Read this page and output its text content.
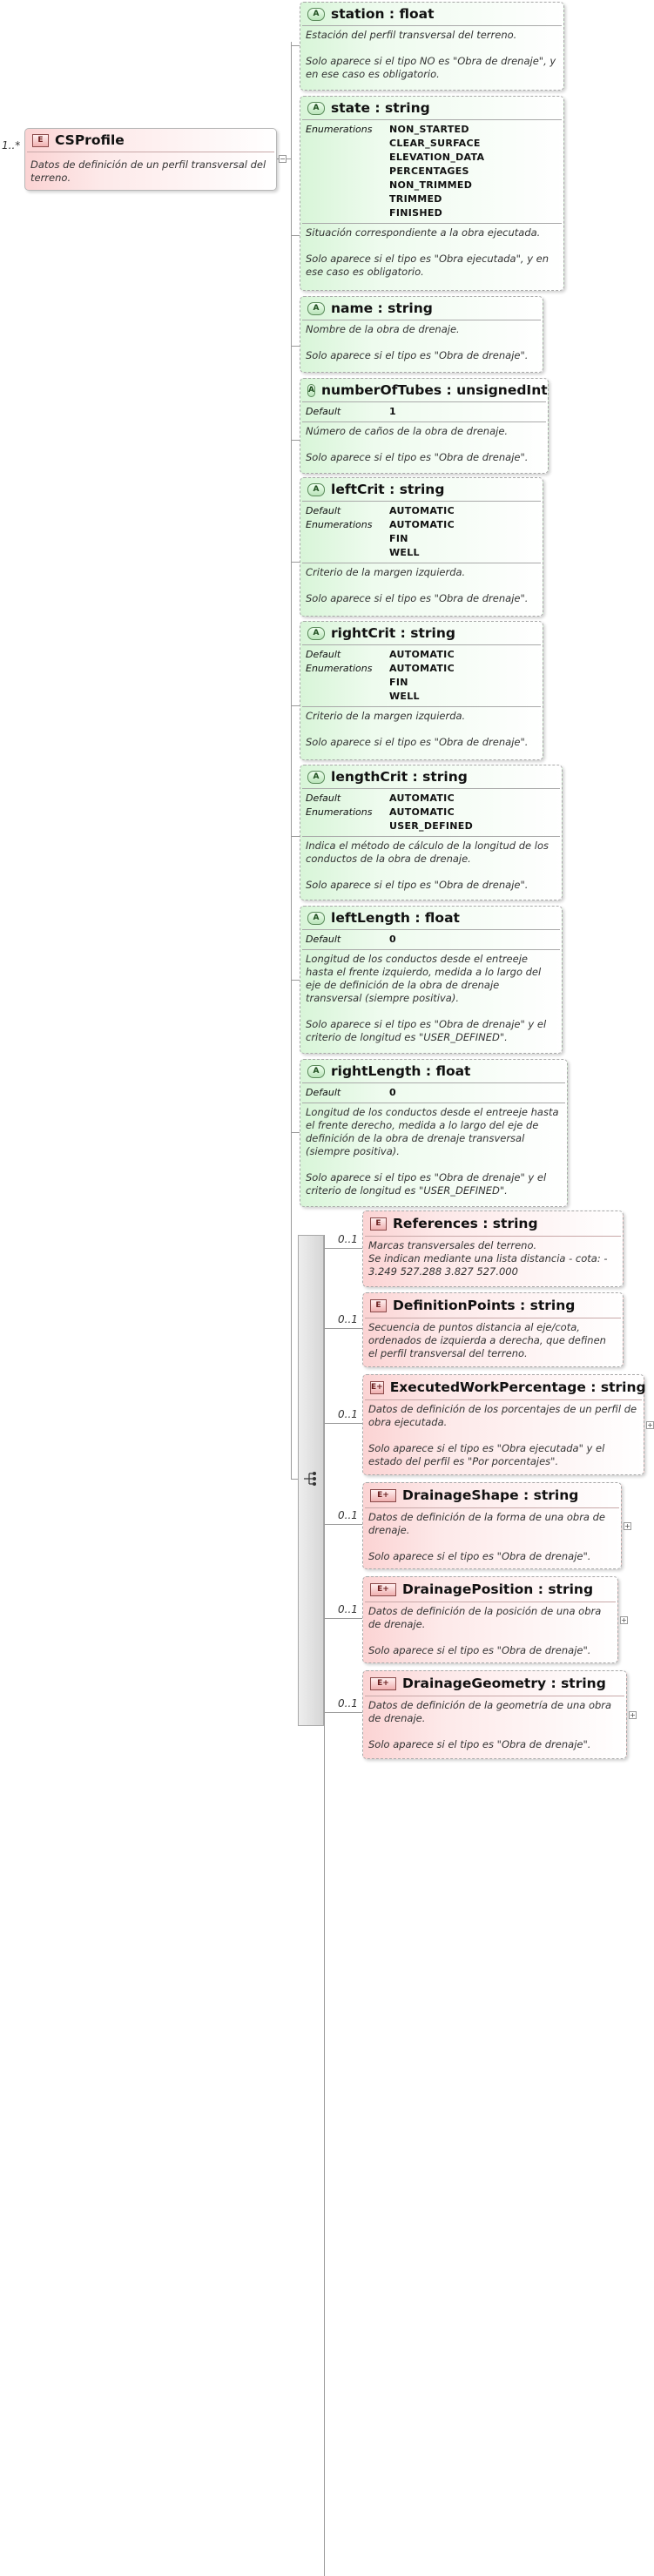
1..*	E CSProfile
Datos de definición de un perfil transversal del terreno.
−
A station : float

Estación del perfil transversal del terreno.

Solo aparece si el tipo NO es "Obra de drenaje", y en ese caso es obligatorio.

A state : string
Enumerations	NON_STARTED
CLEAR_SURFACE
ELEVATION_DATA
PERCENTAGES
NON_TRIMMED
TRIMMED
FINISHED

Situación correspondiente a la obra ejecutada.

Solo aparece si el tipo es "Obra ejecutada", y en ese caso es obligatorio.

A name : string

Nombre de la obra de drenaje.

Solo aparece si el tipo es "Obra de drenaje".

A numberOfTubes : unsignedInt
Default	1

Número de caños de la obra de drenaje.

Solo aparece si el tipo es "Obra de drenaje".

A leftCrit : string
Default	AUTOMATIC
Enumerations	AUTOMATIC
FIN
WELL

Criterio de la margen izquierda.

Solo aparece si el tipo es "Obra de drenaje".

A rightCrit : string
Default	AUTOMATIC
Enumerations	AUTOMATIC
FIN
WELL

Criterio de la margen izquierda.

Solo aparece si el tipo es "Obra de drenaje".

A lengthCrit : string
Default	AUTOMATIC
Enumerations	AUTOMATIC
USER_DEFINED

Indica el método de cálculo de la longitud de los conductos de la obra de drenaje.

Solo aparece si el tipo es "Obra de drenaje".

A leftLength : float
Default	0

Longitud de los conductos desde el entreeje hasta el frente izquierdo, medida a lo largo del eje de definición de la obra de drenaje transversal (siempre positiva).

Solo aparece si el tipo es "Obra de drenaje" y el criterio de longitud es "USER_DEFINED".

A rightLength : float
Default	0

Longitud de los conductos desde el entreeje hasta el frente derecho, medida a lo largo del eje de definición de la obra de drenaje transversal (siempre positiva).

Solo aparece si el tipo es "Obra de drenaje" y el criterio de longitud es "USER_DEFINED".

0..1
E References : string

Marcas transversales del terreno.
Se indican mediante una lista distancia - cota: - 3.249 527.288 3.827 527.000

0..1
E DefinitionPoints : string

Secuencia de puntos distancia al eje/cota, ordenados de izquierda a derecha, que definen el perfil transversal del terreno.

0..1
E+ ExecutedWorkPercentage : string

Datos de definición de los porcentajes de un perfil de obra ejecutada.

Solo aparece si el tipo es "Obra ejecutada" y el estado del perfil es "Por porcentajes".

+
0..1
E+ DrainageShape : string

Datos de definición de la forma de una obra de drenaje.

Solo aparece si el tipo es "Obra de drenaje".

+
0..1
E+ DrainagePosition : string

Datos de definición de la posición de una obra de drenaje.

Solo aparece si el tipo es "Obra de drenaje".

+
0..1
E+ DrainageGeometry : string

Datos de definición de la geometría de una obra de drenaje.

Solo aparece si el tipo es "Obra de drenaje".

+
